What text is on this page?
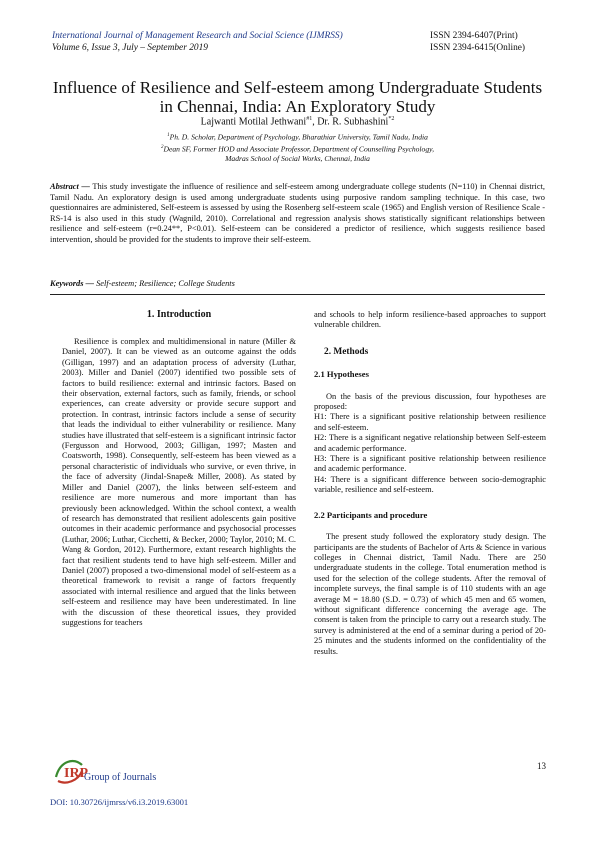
International Journal of Management Research and Social Science (IJMRSS)
Volume 6, Issue 3, July – September 2019
ISSN 2394-6407(Print)
ISSN 2394-6415(Online)
Influence of Resilience and Self-esteem among Undergraduate Students
in Chennai, India: An Exploratory Study
Lajwanti Motilal Jethwani$^{\#1}$, Dr. R. Subhashini$^{*2}$
$^1$Ph. D. Scholar, Department of Psychology, Bharathiar University, Tamil Nadu, India
$^2$Dean SF, Former HOD and Associate Professor, Department of Counselling Psychology,
Madras School of Social Works, Chennai, India
Abstract — This study investigate the influence of resilience and self-esteem among undergraduate college students (N=110) in Chennai district, Tamil Nadu. An exploratory design is used among undergraduate students using purposive random sampling technique. In this case, two questionnaires are administered, Self-esteem is assessed by using the Rosenberg self-esteem scale (1965) and English version of Resilience Scale - RS-14 is also used in this study (Wagnild, 2010). Correlational and regression analysis shows statistically significant relationships between resilience and self-esteem (r=0.24**, P<0.01). Self-esteem can be considered a predictor of resilience, which suggests resilience based intervention, should be provided for the students to improve their self-esteem.
Keywords — Self-esteem; Resilience; College Students
1. Introduction

Resilience is complex and multidimensional in nature (Miller & Daniel, 2007). It can be viewed as an outcome against the odds (Gilligan, 1997) and an adaptation process of adversity (Luthar, 2003). Miller and Daniel (2007) identified two possible sets of factors to build resilience: external and intrinsic factors. Based on their observation, external factors, such as family, friends, or school experiences, can create adversity or provide secure support and protection. In contrast, intrinsic factors include a sense of security that leads the individual to either vulnerability or resilience. Many studies have illustrated that self-esteem is a significant intrinsic factor (Fergusson and Horwood, 2003; Gilligan, 1997; Masten and Coatsworth, 1998). Consequently, self-esteem has been viewed as a personal characteristic of individuals who survive, or even thrive, in the face of adversity (Jindal-Snape& Miller, 2008). As stated by Miller and Daniel (2007), the links between self-esteem and resilience are more numerous and more important than has previously been acknowledged. Within the school context, a wealth of research has demonstrated that resilient adolescents gain positive outcomes in their academic performance and psychosocial processes (Luthar, 2006; Luthar, Cicchetti, & Becker, 2000; Taylor, 2010; M. C. Wang & Gordon, 2012). Furthermore, extant research highlights the fact that resilient students tend to have high self-esteem. Miller and Daniel (2007) proposed a two-dimensional model of self-esteem as a theoretical framework to revisit a range of factors frequently associated with internal resilience and argued that the links between self-esteem and resilience may have been underestimated. In line with the discussion of these theoretical issues, they provided suggestions for teachers

and schools to help inform resilience-based approaches to support vulnerable children.

2. Methods
2.1 Hypotheses

On the basis of the previous discussion, four hypotheses are proposed:

H1: There is a significant positive relationship between resilience and self-esteem.

H2: There is a significant negative relationship between Self-esteem and academic performance.

H3: There is a significant positive relationship between resilience and academic performance.

H4: There is a significant difference between socio-demographic variable, resilience and self-esteem.

2.2 Participants and procedure

The present study followed the exploratory study design. The participants are the students of Bachelor of Arts & Science in various colleges in Chennai district, Tamil Nadu. There are 250 undergraduate students in the college. Total enumeration method is used for the selection of the college students. After the removal of incomplete surveys, the final sample is of 110 students with an age average M = 18.80 (S.D. = 0.73) of which 45 men and 65 women, without significant difference concerning the average age. The consent is taken from the principle to carry out a research study. The survey is administered at the end of a seminar during a period of 20-25 minutes and the students informed on the confidentiality of the results.

IRP
Group of Journals
DOI: 10.30726/ijmrss/v6.i3.2019.63001
13
